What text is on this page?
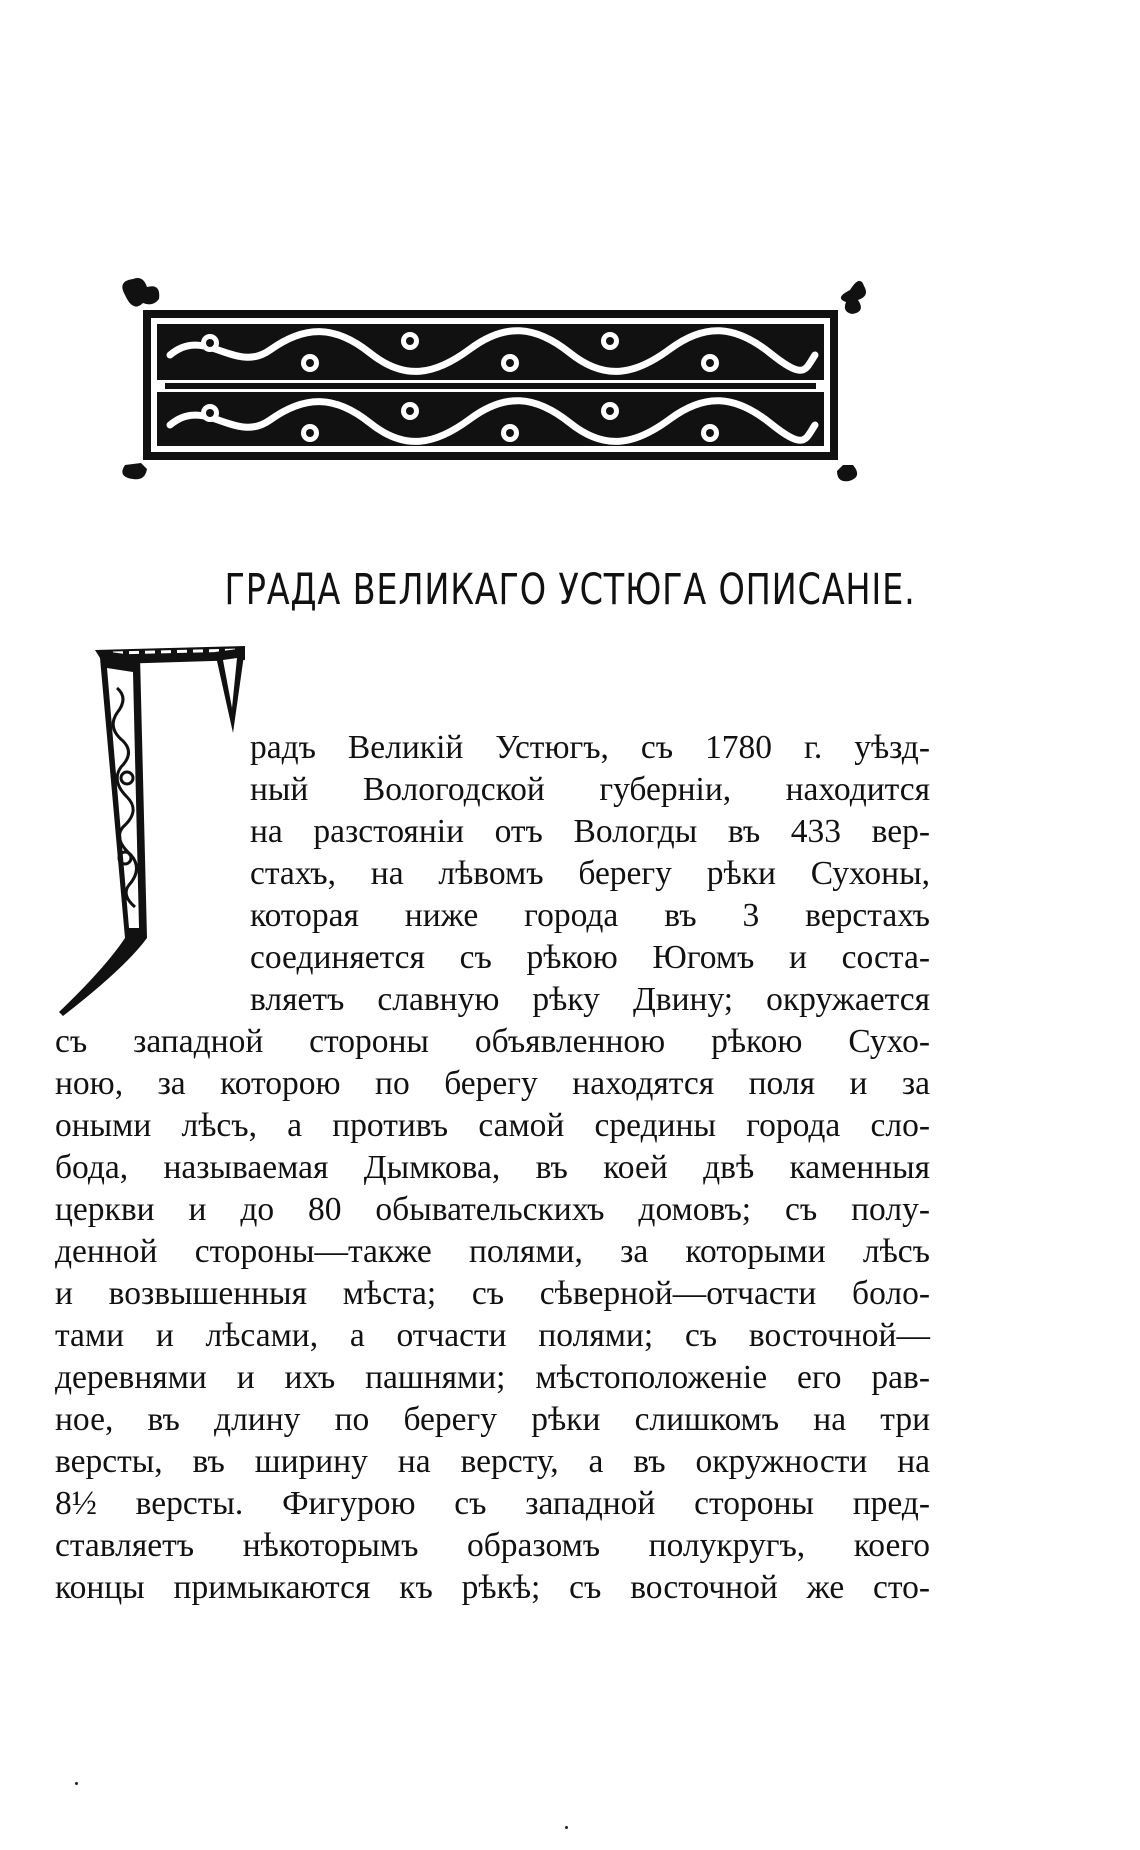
ГРАДА ВЕЛИКАГО УСТЮГА ОПИСАНІЕ.
радъ Великій Устюгъ, съ 1780 г. уѣзд-
ный Вологодской губерніи, находится
на разстояніи отъ Вологды въ 433 вер-
стахъ, на лѣвомъ берегу рѣки Сухоны,
которая ниже города въ 3 верстахъ
соединяется съ рѣкою Югомъ и соста-
вляетъ славную рѣку Двину; окружается
съ западной стороны объявленною рѣкою Сухо-
ною, за которою по берегу находятся поля и за
оными лѣсъ, а противъ самой средины города сло-
бода, называемая Дымкова, въ коей двѣ каменныя
церкви и до 80 обывательскихъ домовъ; съ полу-
денной стороны—также полями, за которыми лѣсъ
и возвышенныя мѣста; съ сѣверной—отчасти боло-
тами и лѣсами, а отчасти полями; съ восточной—
деревнями и ихъ пашнями; мѣстоположеніе его рав-
ное, въ длину по берегу рѣки слишкомъ на три
версты, въ ширину на версту, а въ окружности на
8½ версты. Фигурою съ западной стороны пред-
ставляетъ нѣкоторымъ образомъ полукругъ, коего
концы примыкаются къ рѣкѣ; съ восточной же сто-
